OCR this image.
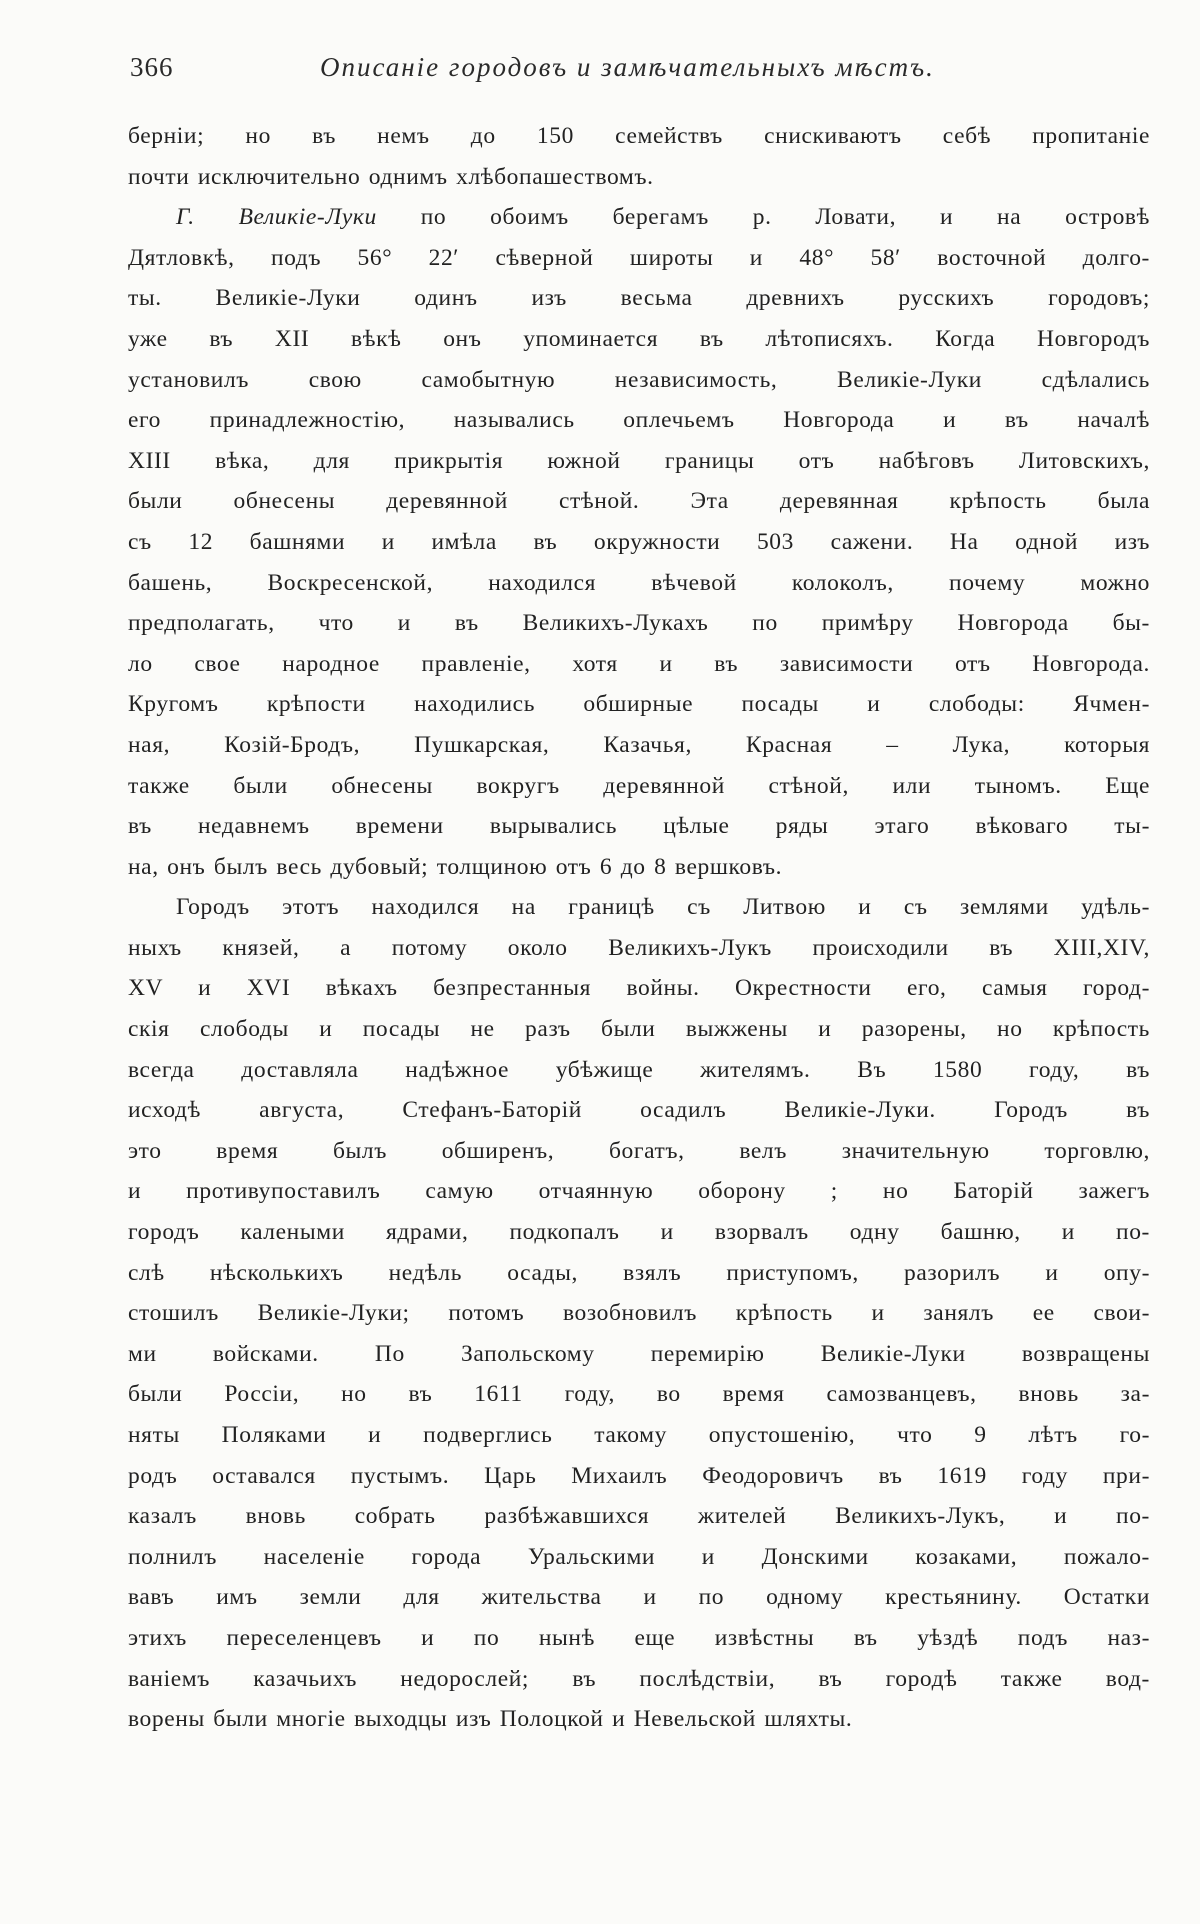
366	Описаніе городовъ и замѣчательныхъ мѣстъ.
берніи; но въ немъ до 150 семействъ снискиваютъ себѣ пропитаніе
почти исключительно однимъ хлѣбопашествомъ.
Г. Великіе-Луки по обоимъ берегамъ р. Ловати, и на островѣ
Дятловкѣ, подъ 56° 22′ сѣверной широты и 48° 58′ восточной долго-
ты. Великіе-Луки одинъ изъ весьма древнихъ русскихъ городовъ;
уже въ XII вѣкѣ онъ упоминается въ лѣтописяхъ. Когда Новгородъ
установилъ свою самобытную независимость, Великіе-Луки сдѣлались
его принадлежностію, назывались оплечьемъ Новгорода и въ началѣ
XIII вѣка, для прикрытія южной границы отъ набѣговъ Литовскихъ,
были обнесены деревянной стѣной. Эта деревянная крѣпость была
съ 12 башнями и имѣла въ окружности 503 сажени. На одной изъ
башень, Воскресенской, находился вѣчевой колоколъ, почему можно
предполагать, что и въ Великихъ-Лукахъ по примѣру Новгорода бы-
ло свое народное правленіе, хотя и въ зависимости отъ Новгорода.
Кругомъ крѣпости находились обширные посады и слободы: Ячмен-
ная, Козій-Бродъ, Пушкарская, Казачья, Красная – Лука, которыя
также были обнесены вокругъ деревянной стѣной, или тыномъ. Еще
въ недавнемъ времени вырывались цѣлые ряды этаго вѣковаго ты-
на, онъ былъ весь дубовый; толщиною отъ 6 до 8 вершковъ.
Городъ этотъ находился на границѣ съ Литвою и съ землями удѣль-
ныхъ князей, а потому около Великихъ-Лукъ происходили въ XIII,XIV,
XV и XVI вѣкахъ безпрестанныя войны. Окрестности его, самыя город-
скія слободы и посады не разъ были выжжены и разорены, но крѣпость
всегда доставляла надѣжное убѣжище жителямъ. Въ 1580 году, въ
исходѣ августа, Стефанъ-Баторій осадилъ Великіе-Луки. Городъ въ
это время былъ обширенъ, богатъ, велъ значительную торговлю,
и противупоставилъ самую отчаянную оборону ; но Баторій зажегъ
городъ калеными ядрами, подкопалъ и взорвалъ одну башню, и по-
слѣ нѣсколькихъ недѣль осады, взялъ приступомъ, разорилъ и опу-
стошилъ Великіе-Луки; потомъ возобновилъ крѣпость и занялъ ее свои-
ми войсками. По Запольскому перемирію Великіе-Луки возвращены
были Россіи, но въ 1611 году, во время самозванцевъ, вновь за-
няты Поляками и подверглись такому опустошенію, что 9 лѣтъ го-
родъ оставался пустымъ. Царь Михаилъ Феодоровичъ въ 1619 году при-
казалъ вновь собрать разбѣжавшихся жителей Великихъ-Лукъ, и по-
полнилъ населеніе города Уральскими и Донскими козаками, пожало-
вавъ имъ земли для жительства и по одному крестьянину. Остатки
этихъ переселенцевъ и по нынѣ еще извѣстны въ уѣздѣ подъ наз-
ваніемъ казачьихъ недорослей; въ послѣдствіи, въ городѣ также вод-
ворены были многіе выходцы изъ Полоцкой и Невельской шляхты.
